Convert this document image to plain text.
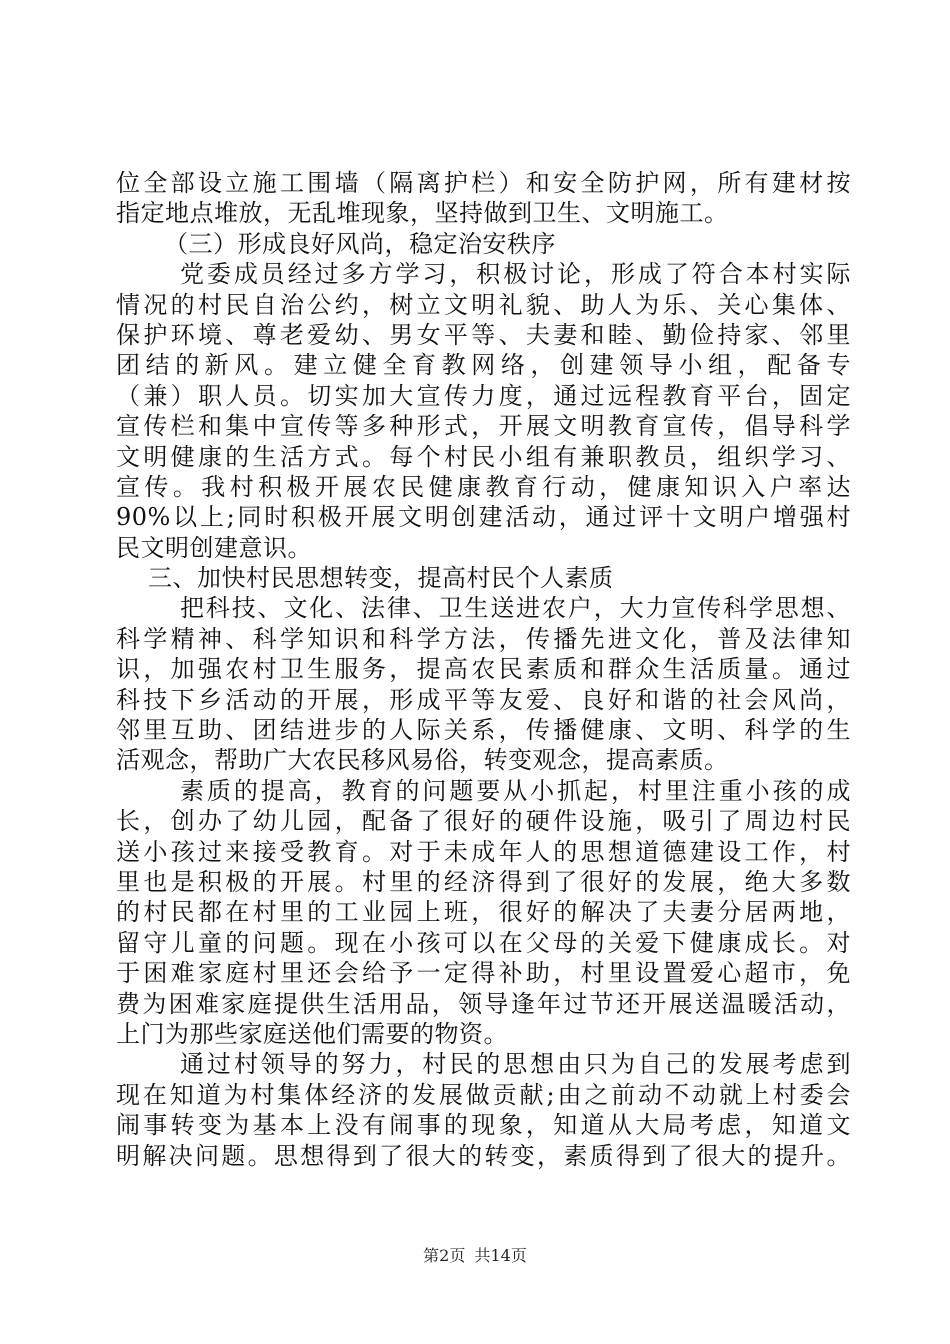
位全部设立施工围墙（隔离护栏）和安全防护网，所有建材按
指定地点堆放，无乱堆现象，坚持做到卫生、文明施工。
（三）形成良好风尚，稳定治安秩序
党委成员经过多方学习，积极讨论，形成了符合本村实际
情况的村民自治公约，树立文明礼貌、助人为乐、关心集体、
保护环境、尊老爱幼、男女平等、夫妻和睦、勤俭持家、邻里
团结的新风。建立健全育教网络，创建领导小组，配备专
（兼）职人员。切实加大宣传力度，通过远程教育平台，固定
宣传栏和集中宣传等多种形式，开展文明教育宣传，倡导科学
文明健康的生活方式。每个村民小组有兼职教员，组织学习、
宣传。我村积极开展农民健康教育行动，健康知识入户率达
90%以上;同时积极开展文明创建活动，通过评十文明户增强村
民文明创建意识。
三、加快村民思想转变，提高村民个人素质
把科技、文化、法律、卫生送进农户，大力宣传科学思想、
科学精神、科学知识和科学方法，传播先进文化，普及法律知
识，加强农村卫生服务，提高农民素质和群众生活质量。通过
科技下乡活动的开展，形成平等友爱、良好和谐的社会风尚，
邻里互助、团结进步的人际关系，传播健康、文明、科学的生
活观念，帮助广大农民移风易俗，转变观念，提高素质。
素质的提高，教育的问题要从小抓起，村里注重小孩的成
长，创办了幼儿园，配备了很好的硬件设施，吸引了周边村民
送小孩过来接受教育。对于未成年人的思想道德建设工作，村
里也是积极的开展。村里的经济得到了很好的发展，绝大多数
的村民都在村里的工业园上班，很好的解决了夫妻分居两地，
留守儿童的问题。现在小孩可以在父母的关爱下健康成长。对
于困难家庭村里还会给予一定得补助，村里设置爱心超市，免
费为困难家庭提供生活用品，领导逢年过节还开展送温暖活动，
上门为那些家庭送他们需要的物资。
通过村领导的努力，村民的思想由只为自己的发展考虑到
现在知道为村集体经济的发展做贡献;由之前动不动就上村委会
闹事转变为基本上没有闹事的现象，知道从大局考虑，知道文
明解决问题。思想得到了很大的转变，素质得到了很大的提升。
第2页 共14页
